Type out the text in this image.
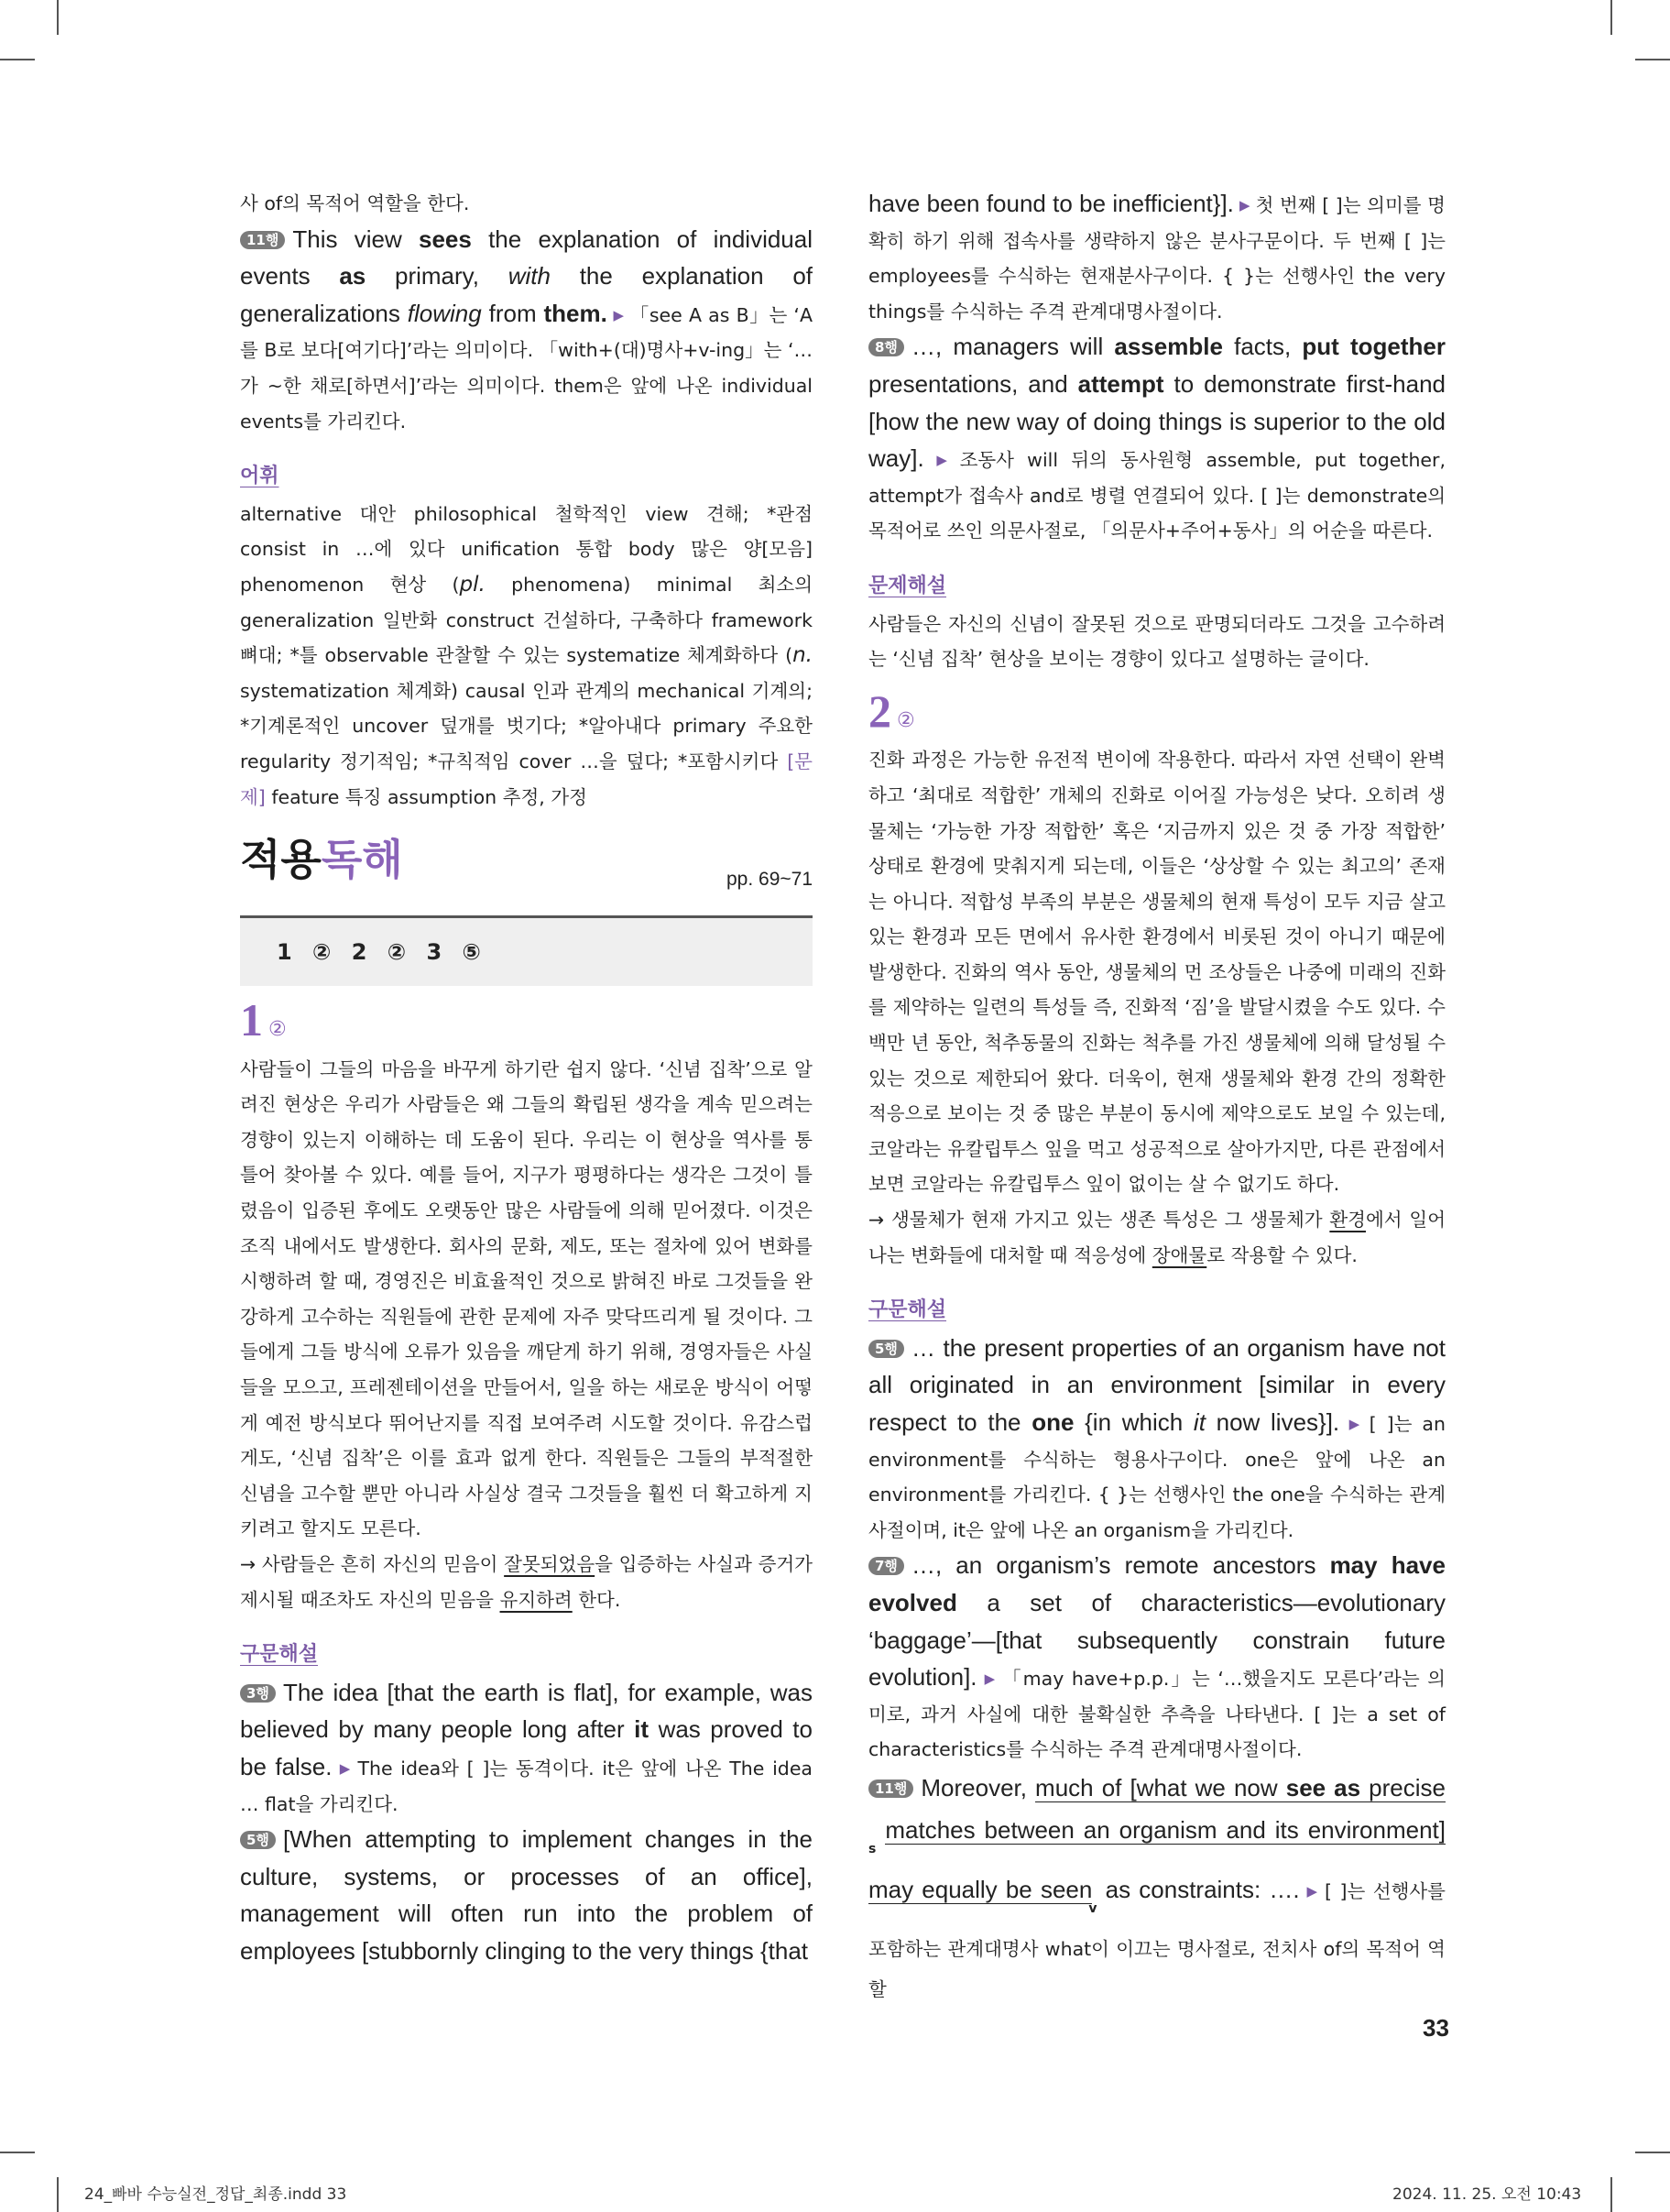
사 of의 목적어 역할을 한다.

11행 This view sees the explanation of individual events as primary, with the explanation of generalizations flowing from them. ▶ 「see A as B」는 ‘A를 B로 보다[여기다]’라는 의미이다. 「with+(대)명사+v-ing」는 ‘…가 ~한 채로[하면서]’라는 의미이다. them은 앞에 나온 individual events를 가리킨다.

어휘

alternative 대안 philosophical 철학적인 view 견해; *관점 consist in …에 있다 unification 통합 body 많은 양[모음] phenomenon 현상 (pl. phenomena) minimal 최소의 generalization 일반화 construct 건설하다, 구축하다 framework 뼈대; *틀 observable 관찰할 수 있는 systematize 체계화하다 (n. systematization 체계화) causal 인과 관계의 mechanical 기계의; *기계론적인 uncover 덮개를 벗기다; *알아내다 primary 주요한 regularity 정기적임; *규칙적임 cover …을 덮다; *포함시키다 [문제] feature 특징 assumption 추정, 가정

적용독해	pp. 69~71
1 ② 2 ② 3 ⑤
1 ②

사람들이 그들의 마음을 바꾸게 하기란 쉽지 않다. ‘신념 집착’으로 알려진 현상은 우리가 사람들은 왜 그들의 확립된 생각을 계속 믿으려는 경향이 있는지 이해하는 데 도움이 된다. 우리는 이 현상을 역사를 통틀어 찾아볼 수 있다. 예를 들어, 지구가 평평하다는 생각은 그것이 틀렸음이 입증된 후에도 오랫동안 많은 사람들에 의해 믿어졌다. 이것은 조직 내에서도 발생한다. 회사의 문화, 제도, 또는 절차에 있어 변화를 시행하려 할 때, 경영진은 비효율적인 것으로 밝혀진 바로 그것들을 완강하게 고수하는 직원들에 관한 문제에 자주 맞닥뜨리게 될 것이다. 그들에게 그들 방식에 오류가 있음을 깨닫게 하기 위해, 경영자들은 사실들을 모으고, 프레젠테이션을 만들어서, 일을 하는 새로운 방식이 어떻게 예전 방식보다 뛰어난지를 직접 보여주려 시도할 것이다. 유감스럽게도, ‘신념 집착’은 이를 효과 없게 한다. 직원들은 그들의 부적절한 신념을 고수할 뿐만 아니라 사실상 결국 그것들을 훨씬 더 확고하게 지키려고 할지도 모른다.

→ 사람들은 흔히 자신의 믿음이 잘못되었음을 입증하는 사실과 증거가 제시될 때조차도 자신의 믿음을 유지하려 한다.

구문해설

3행 The idea [that the earth is flat], for example, was believed by many people long after it was proved to be false. ▶ The idea와 [ ]는 동격이다. it은 앞에 나온 The idea … flat을 가리킨다.

5행 [When attempting to implement changes in the culture, systems, or processes of an office], management will often run into the problem of employees [stubbornly clinging to the very things {that

have been found to be inefficient}]. ▶ 첫 번째 [ ]는 의미를 명확히 하기 위해 접속사를 생략하지 않은 분사구문이다. 두 번째 [ ]는 employees를 수식하는 현재분사구이다. { }는 선행사인 the very things를 수식하는 주격 관계대명사절이다.

8행 …, managers will assemble facts, put together presentations, and attempt to demonstrate first-hand [how the new way of doing things is superior to the old way]. ▶ 조동사 will 뒤의 동사원형 assemble, put together, attempt가 접속사 and로 병렬 연결되어 있다. [ ]는 demonstrate의 목적어로 쓰인 의문사절로, 「의문사+주어+동사」의 어순을 따른다.

문제해설

사람들은 자신의 신념이 잘못된 것으로 판명되더라도 그것을 고수하려는 ‘신념 집착’ 현상을 보이는 경향이 있다고 설명하는 글이다.

2 ②

진화 과정은 가능한 유전적 변이에 작용한다. 따라서 자연 선택이 완벽하고 ‘최대로 적합한’ 개체의 진화로 이어질 가능성은 낮다. 오히려 생물체는 ‘가능한 가장 적합한’ 혹은 ‘지금까지 있은 것 중 가장 적합한’ 상태로 환경에 맞춰지게 되는데, 이들은 ‘상상할 수 있는 최고의’ 존재는 아니다. 적합성 부족의 부분은 생물체의 현재 특성이 모두 지금 살고 있는 환경과 모든 면에서 유사한 환경에서 비롯된 것이 아니기 때문에 발생한다. 진화의 역사 동안, 생물체의 먼 조상들은 나중에 미래의 진화를 제약하는 일련의 특성들 즉, 진화적 ‘짐’을 발달시켰을 수도 있다. 수백만 년 동안, 척추동물의 진화는 척추를 가진 생물체에 의해 달성될 수 있는 것으로 제한되어 왔다. 더욱이, 현재 생물체와 환경 간의 정확한 적응으로 보이는 것 중 많은 부분이 동시에 제약으로도 보일 수 있는데, 코알라는 유칼립투스 잎을 먹고 성공적으로 살아가지만, 다른 관점에서 보면 코알라는 유칼립투스 잎이 없이는 살 수 없기도 하다.

→ 생물체가 현재 가지고 있는 생존 특성은 그 생물체가 환경에서 일어나는 변화들에 대처할 때 적응성에 장애물로 작용할 수 있다.

구문해설

5행 … the present properties of an organism have not all originated in an environment [similar in every respect to the one {in which it now lives}]. ▶ [ ]는 an environment를 수식하는 형용사구이다. one은 앞에 나온 an environment를 가리킨다. { }는 선행사인 the one을 수식하는 관계사절이며, it은 앞에 나온 an organism을 가리킨다.

7행 …, an organism’s remote ancestors may have evolved a set of characteristics—evolutionary ‘baggage’—[that subsequently constrain future evolution]. ▶ 「may have+p.p.」는 ‘…했을지도 모른다’라는 의미로, 과거 사실에 대한 불확실한 추측을 나타낸다. [ ]는 a set of characteristics를 수식하는 주격 관계대명사절이다.

11행 Moreover, much of [what we now see as precise $_s$ matches between an organism and its environment] may equally be seen$_v$ as constraints: …. ▶ [ ]는 선행사를 포함하는 관계대명사 what이 이끄는 명사절로, 전치사 of의 목적어 역할

33
24_빠바 수능실전_정답_최종.indd 33	2024. 11. 25. 오전 10:43
